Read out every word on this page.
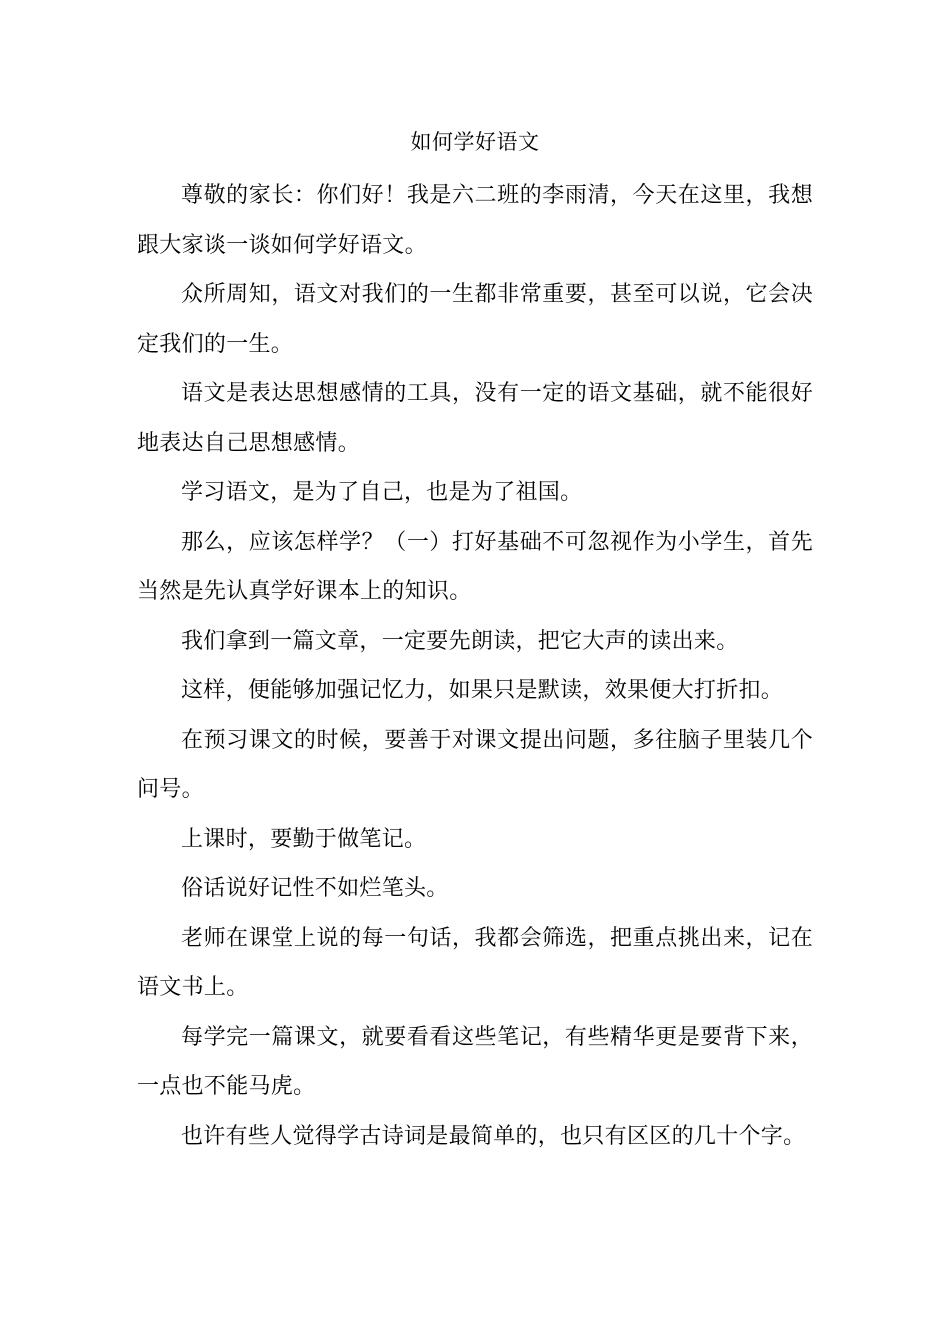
如何学好语文

尊敬的家长：你们好！我是六二班的李雨清，今天在这里，我想跟大家谈一谈如何学好语文。

众所周知，语文对我们的一生都非常重要，甚至可以说，它会决定我们的一生。

语文是表达思想感情的工具，没有一定的语文基础，就不能很好地表达自己思想感情。

学习语文，是为了自己，也是为了祖国。

那么，应该怎样学？（一）打好基础不可忽视作为小学生，首先当然是先认真学好课本上的知识。

我们拿到一篇文章，一定要先朗读，把它大声的读出来。

这样，便能够加强记忆力，如果只是默读，效果便大打折扣。

在预习课文的时候，要善于对课文提出问题，多往脑子里装几个问号。

上课时，要勤于做笔记。

俗话说好记性不如烂笔头。

老师在课堂上说的每一句话，我都会筛选，把重点挑出来，记在语文书上。

每学完一篇课文，就要看看这些笔记，有些精华更是要背下来，一点也不能马虎。

也许有些人觉得学古诗词是最简单的，也只有区区的几十个字。
